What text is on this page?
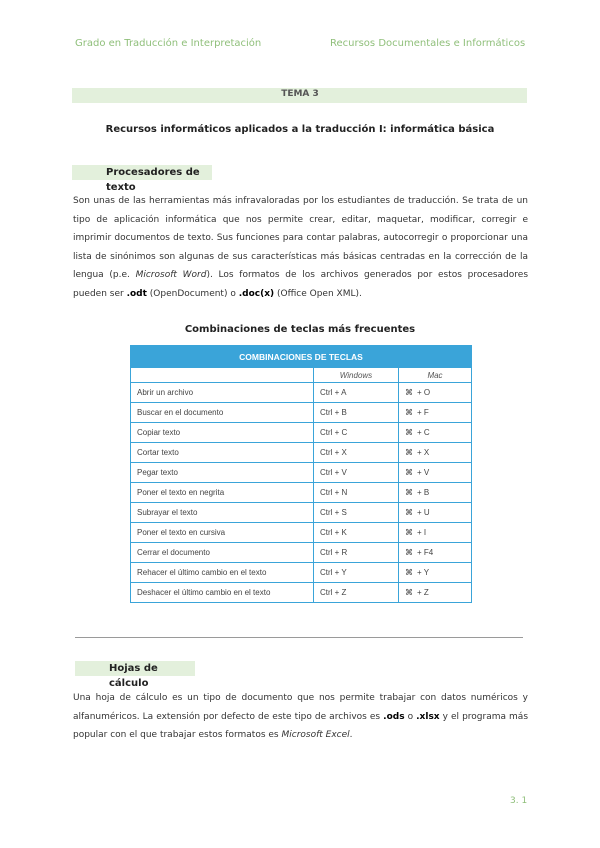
Grado en Traducción e Interpretación	Recursos Documentales e Informáticos
TEMA 3
Recursos informáticos aplicados a la traducción I: informática básica
Procesadores de texto
Son unas de las herramientas más infravaloradas por los estudiantes de traducción. Se trata de un tipo de aplicación informática que nos permite crear, editar, maquetar, modificar, corregir e imprimir documentos de texto. Sus funciones para contar palabras, autocorregir o proporcionar una lista de sinónimos son algunas de sus características más básicas centradas en la corrección de la lengua (p.e. Microsoft Word). Los formatos de los archivos generados por estos procesadores pueden ser .odt (OpenDocument) o .doc(x) (Office Open XML).
Combinaciones de teclas más frecuentes
COMBINACIONES DE TECLAS		
	Windows	Mac
Abrir un archivo	Ctrl + A	⌘ + O
Buscar en el documento	Ctrl + B	⌘ + F
Copiar texto	Ctrl + C	⌘ + C
Cortar texto	Ctrl + X	⌘ + X
Pegar texto	Ctrl + V	⌘ + V
Poner el texto en negrita	Ctrl + N	⌘ + B
Subrayar el texto	Ctrl + S	⌘ + U
Poner el texto en cursiva	Ctrl + K	⌘ + I
Cerrar el documento	Ctrl + R	⌘ + F4
Rehacer el último cambio en el texto	Ctrl + Y	⌘ + Y
Deshacer el último cambio en el texto	Ctrl + Z	⌘ + Z
Hojas de cálculo
Una hoja de cálculo es un tipo de documento que nos permite trabajar con datos numéricos y alfanuméricos. La extensión por defecto de este tipo de archivos es .ods o .xlsx y el programa más popular con el que trabajar estos formatos es Microsoft Excel.
3. 1
